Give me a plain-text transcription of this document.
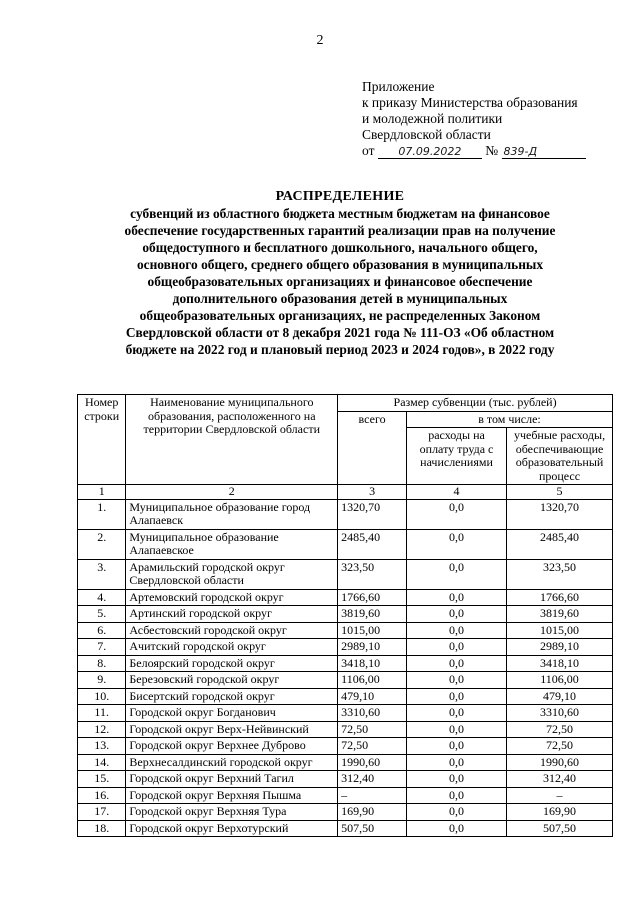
2
Приложение
к приказу Министерства образования
и молодежной политики
Свердловской области
от 07.09.2022 № 839-Д
РАСПРЕДЕЛЕНИЕ
субвенций из областного бюджета местным бюджетам на финансовое
обеспечение государственных гарантий реализации прав на получение
общедоступного и бесплатного дошкольного, начального общего,
основного общего, среднего общего образования в муниципальных
общеобразовательных организациях и финансовое обеспечение
дополнительного образования детей в муниципальных
общеобразовательных организациях, не распределенных Законом
Свердловской области от 8 декабря 2021 года № 111-ОЗ «Об областном
бюджете на 2022 год и плановый период 2023 и 2024 годов», в 2022 году
Номер строки	Наименование муниципального образования, расположенного на территории Свердловской области	Размер субвенции (тыс. рублей)		
		всего	в том числе:	
			расходы на оплату труда с начислениями	учебные расходы, обеспечивающие образовательный процесс
1	2	3	4	5
1.	Муниципальное образование город Алапаевск	1320,70	0,0	1320,70
2.	Муниципальное образование Алапаевское	2485,40	0,0	2485,40
3.	Арамильский городской округ Свердловской области	323,50	0,0	323,50
4.	Артемовский городской округ	1766,60	0,0	1766,60
5.	Артинский городской округ	3819,60	0,0	3819,60
6.	Асбестовский городской округ	1015,00	0,0	1015,00
7.	Ачитский городской округ	2989,10	0,0	2989,10
8.	Белоярский городской округ	3418,10	0,0	3418,10
9.	Березовский городской округ	1106,00	0,0	1106,00
10.	Бисертский городской округ	479,10	0,0	479,10
11.	Городской округ Богданович	3310,60	0,0	3310,60
12.	Городской округ Верх-Нейвинский	72,50	0,0	72,50
13.	Городской округ Верхнее Дуброво	72,50	0,0	72,50
14.	Верхнесалдинский городской округ	1990,60	0,0	1990,60
15.	Городской округ Верхний Тагил	312,40	0,0	312,40
16.	Городской округ Верхняя Пышма	–	0,0	–
17.	Городской округ Верхняя Тура	169,90	0,0	169,90
18.	Городской округ Верхотурский	507,50	0,0	507,50
